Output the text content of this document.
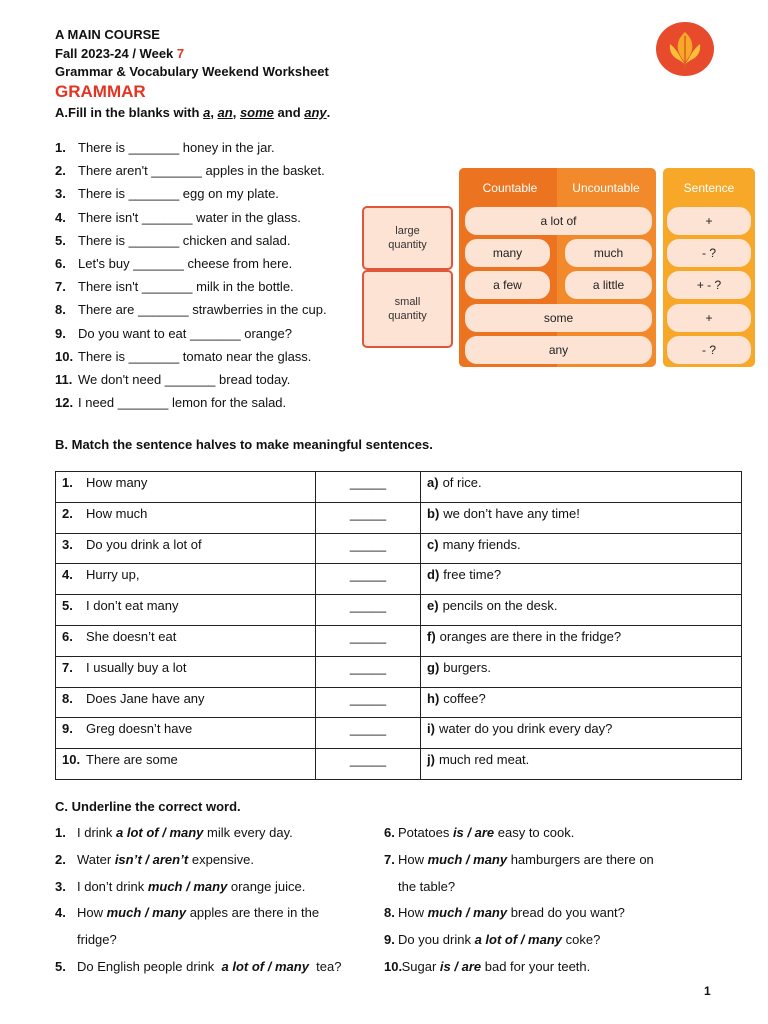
A MAIN COURSE
Fall 2023-24 / Week 7
Grammar & Vocabulary Weekend Worksheet
GRAMMAR
A.Fill in the blanks with a, an, some and any.
1. There is _______ honey in the jar.
2. There aren't _______ apples in the basket.
3. There is _______ egg on my plate.
4. There isn't _______ water in the glass.
5. There is _______ chicken and salad.
6. Let's buy _______ cheese from here.
7. There isn't _______ milk in the bottle.
8. There are _______ strawberries in the cup.
9. Do you want to eat _______ orange?
10. There is _______ tomato near the glass.
11. We don't need _______ bread today.
12. I need _______ lemon for the salad.
Countable	Uncountable	Sentence
large quantity
small quantity
a lot of
many	much
a few	a little
some
any
+
- ?
+ - ?
+
- ?
B. Match the sentence halves to make meaningful sentences.
1. How many	_____	a) of rice.
2. How much	_____	b) we don’t have any time!
3. Do you drink a lot of	_____	c) many friends.
4. Hurry up,	_____	d) free time?
5. I don’t eat many	_____	e) pencils on the desk.
6. She doesn’t eat	_____	f) oranges are there in the fridge?
7. I usually buy a lot	_____	g) burgers.
8. Does Jane have any	_____	h) coffee?
9. Greg doesn’t have	_____	i) water do you drink every day?
10. There are some	_____	j) much red meat.
C. Underline the correct word.
1. I drink a lot of / many milk every day.
2. Water isn’t / aren’t expensive.
3. I don’t drink much / many orange juice.
4. How much / many apples are there in the
fridge?
5. Do English people drink  a lot of / many  tea?
6. Potatoes is / are easy to cook.
7. How much / many hamburgers are there on
the table?
8. How much / many bread do you want?
9. Do you drink a lot of / many coke?
10. Sugar is / are bad for your teeth.
1
